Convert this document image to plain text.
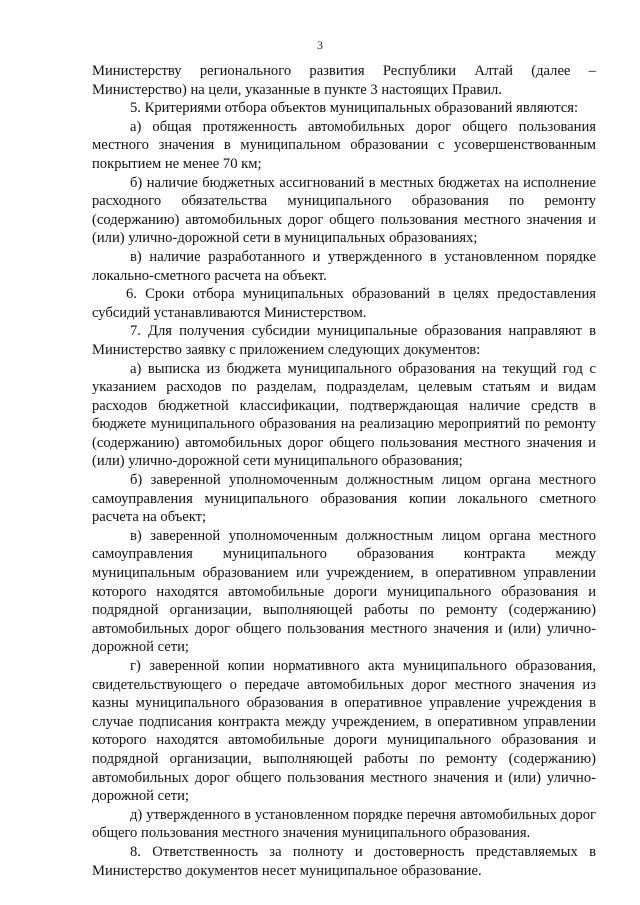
3

Министерству регионального развития Республики Алтай (далее – Министерство) на цели, указанные в пункте 3 настоящих Правил.

5. Критериями отбора объектов муниципальных образований являются:

а) общая протяженность автомобильных дорог общего пользования местного значения в муниципальном образовании с усовершенствованным покрытием не менее 70 км;

б) наличие бюджетных ассигнований в местных бюджетах на исполнение расходного обязательства муниципального образования по ремонту (содержанию) автомобильных дорог общего пользования местного значения и (или) улично-дорожной сети в муниципальных образованиях;

в) наличие разработанного и утвержденного в установленном порядке локально-сметного расчета на объект.

6. Сроки отбора муниципальных образований в целях предоставления субсидий устанавливаются Министерством.

7. Для получения субсидии муниципальные образования направляют в Министерство заявку с приложением следующих документов:

а) выписка из бюджета муниципального образования на текущий год с указанием расходов по разделам, подразделам, целевым статьям и видам расходов бюджетной классификации, подтверждающая наличие средств в бюджете муниципального образования на реализацию мероприятий по ремонту (содержанию) автомобильных дорог общего пользования местного значения и (или) улично-дорожной сети муниципального образования;

б) заверенной уполномоченным должностным лицом органа местного самоуправления муниципального образования копии локального сметного расчета на объект;

в) заверенной уполномоченным должностным лицом органа местного самоуправления муниципального образования контракта между муниципальным образованием или учреждением, в оперативном управлении которого находятся автомобильные дороги муниципального образования и подрядной организации, выполняющей работы по ремонту (содержанию) автомобильных дорог общего пользования местного значения и (или) улично-дорожной сети;

г) заверенной копии нормативного акта муниципального образования, свидетельствующего о передаче автомобильных дорог местного значения из казны муниципального образования в оперативное управление учреждения в случае подписания контракта между учреждением, в оперативном управлении которого находятся автомобильные дороги муниципального образования и подрядной организации, выполняющей работы по ремонту (содержанию) автомобильных дорог общего пользования местного значения и (или) улично-дорожной сети;

д) утвержденного в установленном порядке перечня автомобильных дорог общего пользования местного значения муниципального образования.

8. Ответственность за полноту и достоверность представляемых в Министерство документов несет муниципальное образование.
